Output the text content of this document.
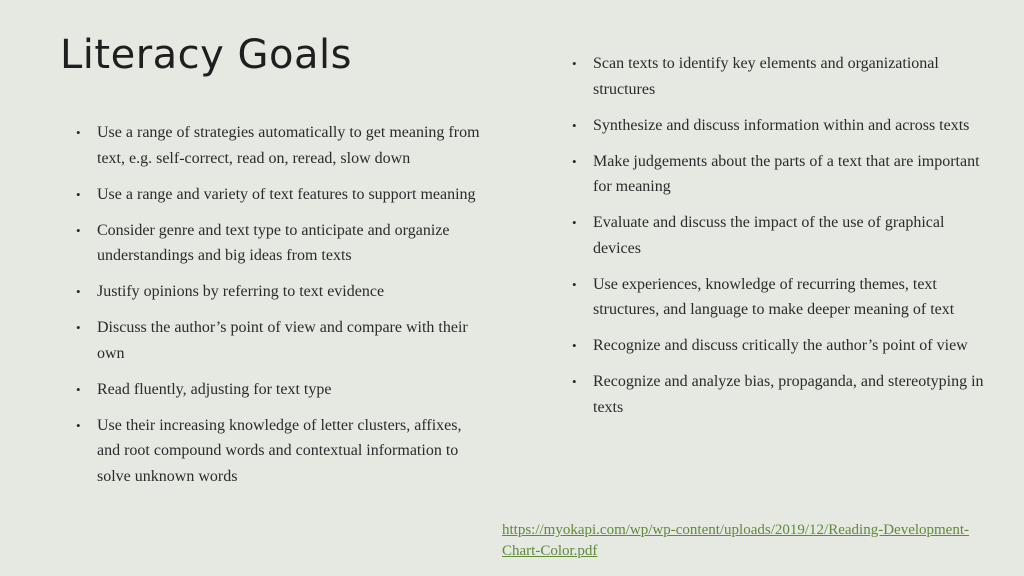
Literacy Goals
• Use a range of strategies automatically to get meaning from text, e.g. self-correct, read on, reread, slow down
• Use a range and variety of text features to support meaning
• Consider genre and text type to anticipate and organize understandings and big ideas from texts
• Justify opinions by referring to text evidence
• Discuss the author’s point of view and compare with their own
• Read fluently, adjusting for text type
• Use their increasing knowledge of letter clusters, affixes, and root compound words and contextual information to solve unknown words
• Scan texts to identify key elements and organizational structures
• Synthesize and discuss information within and across texts
• Make judgements about the parts of a text that are important for meaning
• Evaluate and discuss the impact of the use of graphical devices
• Use experiences, knowledge of recurring themes, text structures, and language to make deeper meaning of text
• Recognize and discuss critically the author’s point of view
• Recognize and analyze bias, propaganda, and stereotyping in texts
https://myokapi.com/wp/wp-content/uploads/2019/12/Reading-Development-Chart-Color.pdf
